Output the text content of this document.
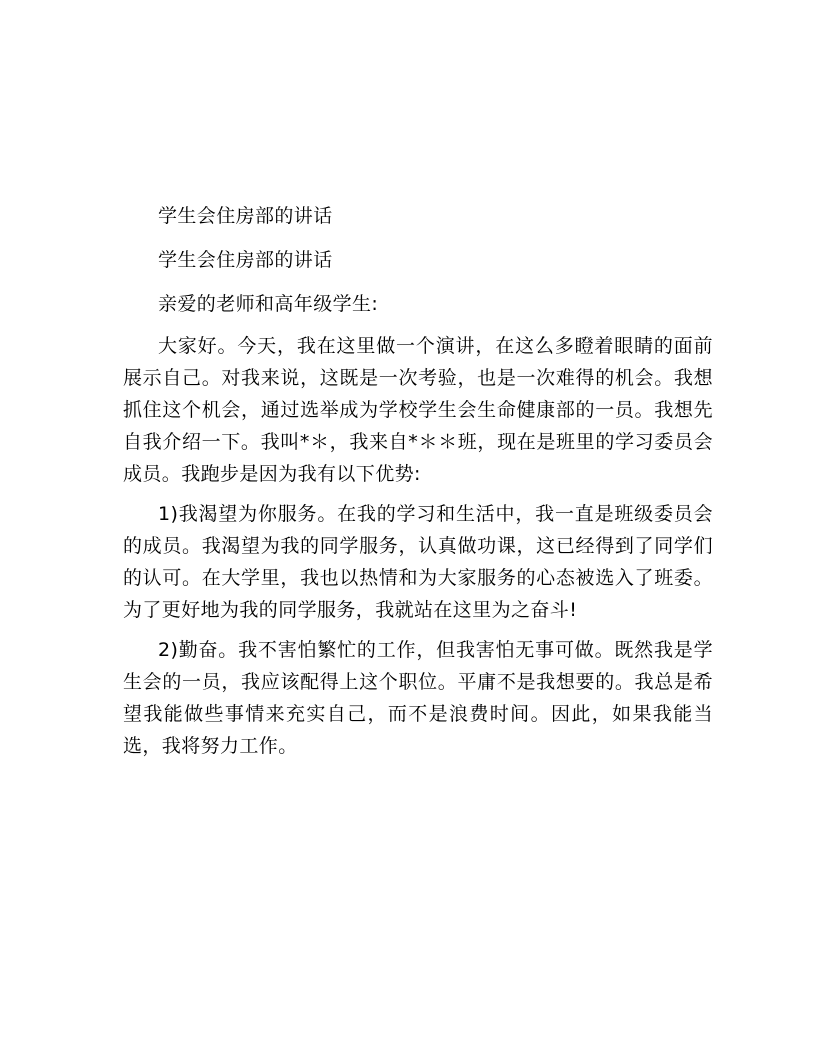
学生会住房部的讲话

学生会住房部的讲话

亲爱的老师和高年级学生:

大家好。今天，我在这里做一个演讲，在这么多瞪着眼睛的面前展示自己。对我来说，这既是一次考验，也是一次难得的机会。我想抓住这个机会，通过选举成为学校学生会生命健康部的一员。我想先自我介绍一下。我叫*＊，我来自*＊＊班，现在是班里的学习委员会成员。我跑步是因为我有以下优势:

1)我渴望为你服务。在我的学习和生活中，我一直是班级委员会的成员。我渴望为我的同学服务，认真做功课，这已经得到了同学们的认可。在大学里，我也以热情和为大家服务的心态被选入了班委。为了更好地为我的同学服务，我就站在这里为之奋斗!

2)勤奋。我不害怕繁忙的工作，但我害怕无事可做。既然我是学生会的一员，我应该配得上这个职位。平庸不是我想要的。我总是希望我能做些事情来充实自己，而不是浪费时间。因此，如果我能当选，我将努力工作。
